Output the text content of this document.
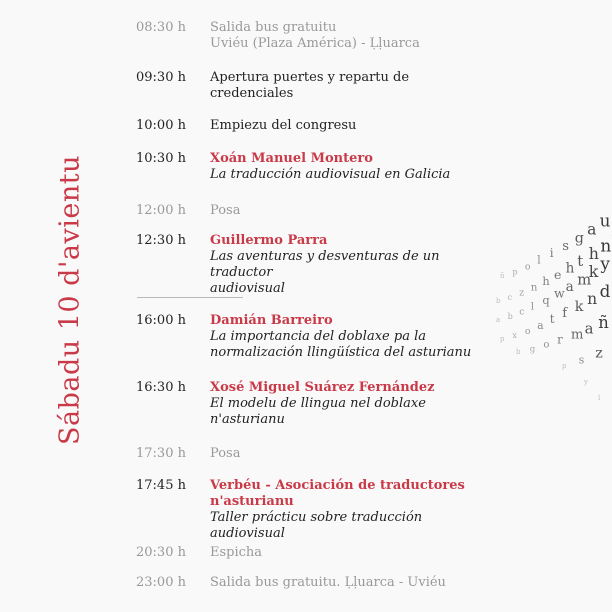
Sábadu 10 d'avientu
08:30 h	Salida bus gratuitu
Uviéu (Plaza América) - Ḷḷuarca
09:30 h	Apertura puertes y repartu de
credenciales
10:00 h	Empiezu del congresu
10:30 h	Xoán Manuel Montero
La traducción audiovisual en Galicia
12:00 h	Posa
12:30 h	Guillermo Parra
Las aventuras y desventuras de un traductor
audiovisual
16:00 h	Damián Barreiro
La importancia del doblaxe pa la
normalización llingüística del asturianu
16:30 h	Xosé Miguel Suárez Fernández
El modelu de llingua nel doblaxe
n'asturianu
17:30 h	Posa
17:45 h	Verbéu - Asociación de traductores
n'asturianu
Taller prácticu sobre traducción audiovisual
20:30 h	Espicha
23:00 h	Salida bus gratuitu. Ḷḷuarca - Uviéu
ñ p o
l i s g a u
b c z n h e h t h n
a b c l q w a m
k y
p x o a t f k n d
b g o r m a ñ
p s z
y
l
